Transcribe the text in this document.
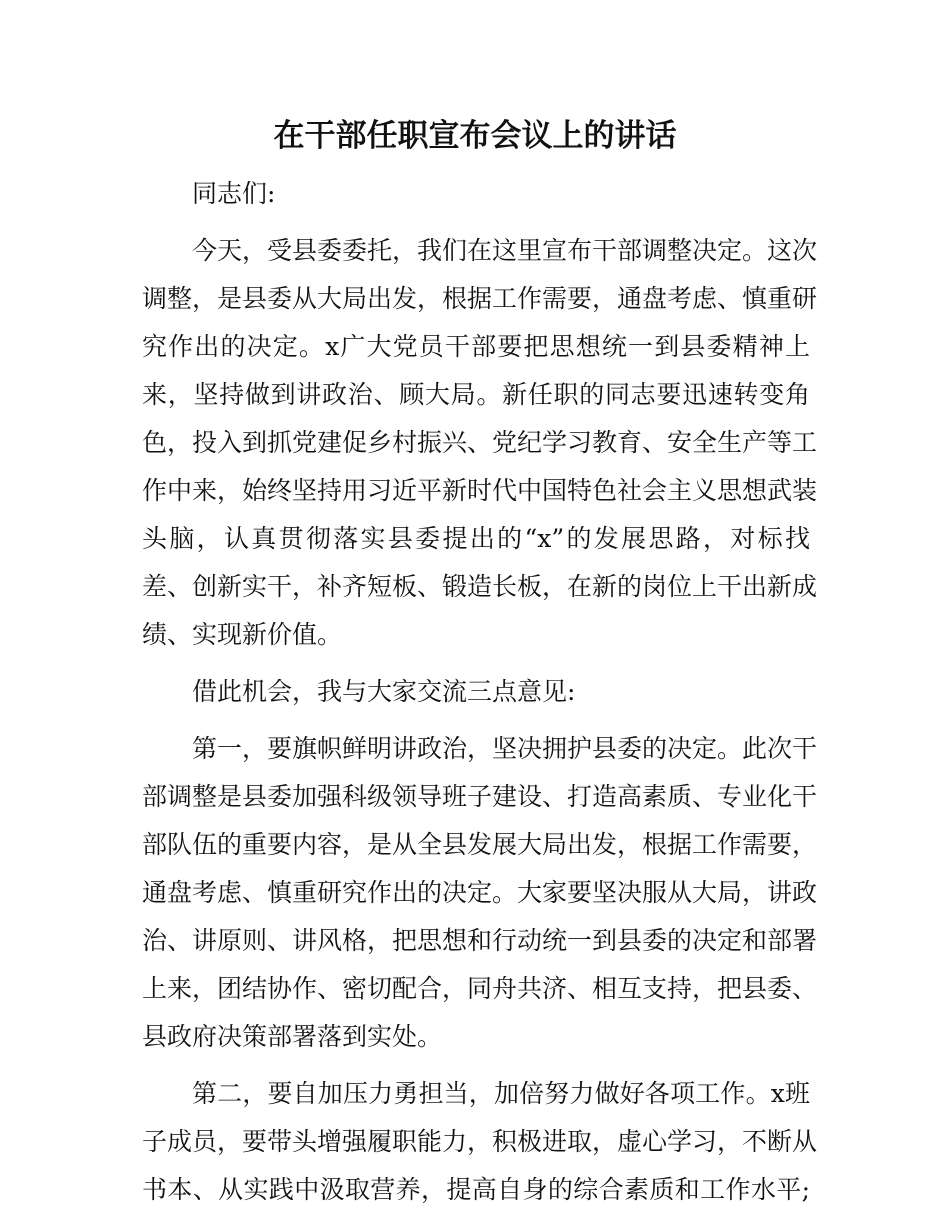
在干部任职宣布会议上的讲话
同志们:
今天，受县委委托，我们在这里宣布干部调整决定。这次
调整，是县委从大局出发，根据工作需要，通盘考虑、慎重研
究作出的决定。x广大党员干部要把思想统一到县委精神上
来，坚持做到讲政治、顾大局。新任职的同志要迅速转变角
色，投入到抓党建促乡村振兴、党纪学习教育、安全生产等工
作中来，始终坚持用习近平新时代中国特色社会主义思想武装
头脑，认真贯彻落实县委提出的“x”的发展思路，对标找
差、创新实干，补齐短板、锻造长板，在新的岗位上干出新成
绩、实现新价值。
借此机会，我与大家交流三点意见:
第一，要旗帜鲜明讲政治，坚决拥护县委的决定。此次干
部调整是县委加强科级领导班子建设、打造高素质、专业化干
部队伍的重要内容，是从全县发展大局出发，根据工作需要，
通盘考虑、慎重研究作出的决定。大家要坚决服从大局，讲政
治、讲原则、讲风格，把思想和行动统一到县委的决定和部署
上来，团结协作、密切配合，同舟共济、相互支持，把县委、
县政府决策部署落到实处。
第二，要自加压力勇担当，加倍努力做好各项工作。x班
子成员，要带头增强履职能力，积极进取，虚心学习，不断从
书本、从实践中汲取营养，提高自身的综合素质和工作水平;
